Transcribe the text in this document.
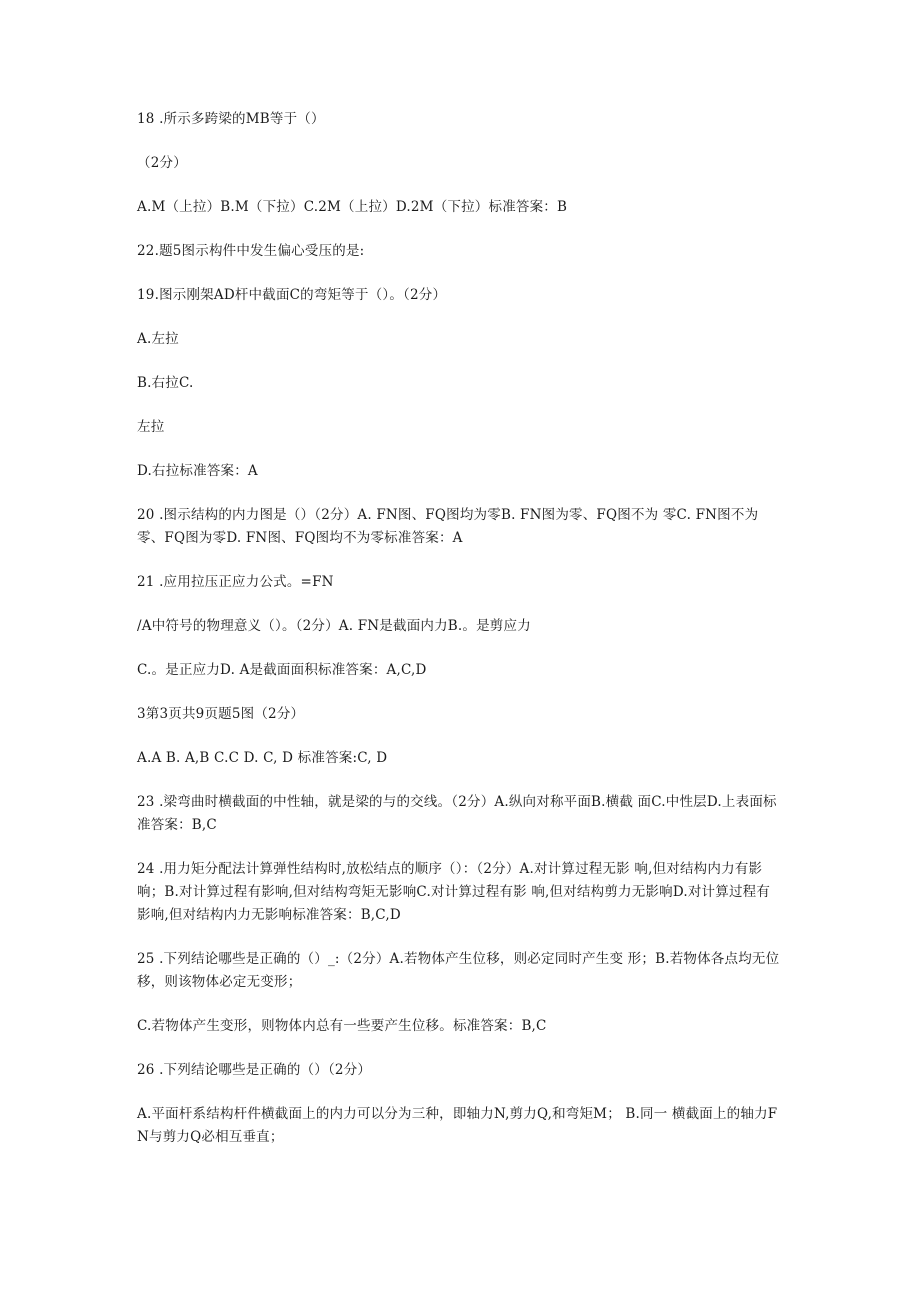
18 .所示多跨梁的MB等于（）

（2分）

A.M（上拉）B.M（下拉）C.2M（上拉）D.2M（下拉）标准答案：B

22.题5图示构件中发生偏心受压的是:

19.图示刚架AD杆中截面C的弯矩等于（）。（2分）

A.左拉

B.右拉C.

左拉

D.右拉标准答案：A

20 .图示结构的内力图是（）（2分）A. FN图、FQ图均为零B. FN图为零、FQ图不为 零C. FN图不为零、FQ图为零D. FN图、FQ图均不为零标准答案：A

21 .应用拉压正应力公式。=FN

/A中符号的物理意义（）。（2分）A. FN是截面内力B.。是剪应力

C.。是正应力D. A是截面面积标准答案：A,C,D

3第3页共9页题5图（2分）

A.A B. A,B C.C D. C, D 标准答案:C, D

23 .梁弯曲时横截面的中性轴，就是梁的与的交线。（2分）A.纵向对称平面B.横截 面C.中性层D.上表面标准答案：B,C

24 .用力矩分配法计算弹性结构时,放松结点的顺序（）：（2分）A.对计算过程无影 响,但对结构内力有影响；B.对计算过程有影响,但对结构弯矩无影响C.对计算过程有影 响,但对结构剪力无影响D.对计算过程有影响,但对结构内力无影响标准答案：B,C,D

25 .下列结论哪些是正确的（）_:（2分）A.若物体产生位移，则必定同时产生变 形；B.若物体各点均无位移，则该物体必定无变形；

C.若物体产生变形，则物体内总有一些要产生位移。标准答案：B,C

26 .下列结论哪些是正确的（）（2分）

A.平面杆系结构杆件横截面上的内力可以分为三种，即轴力N,剪力Q,和弯矩M； B.同一 横截面上的轴力FN与剪力Q必相互垂直；
